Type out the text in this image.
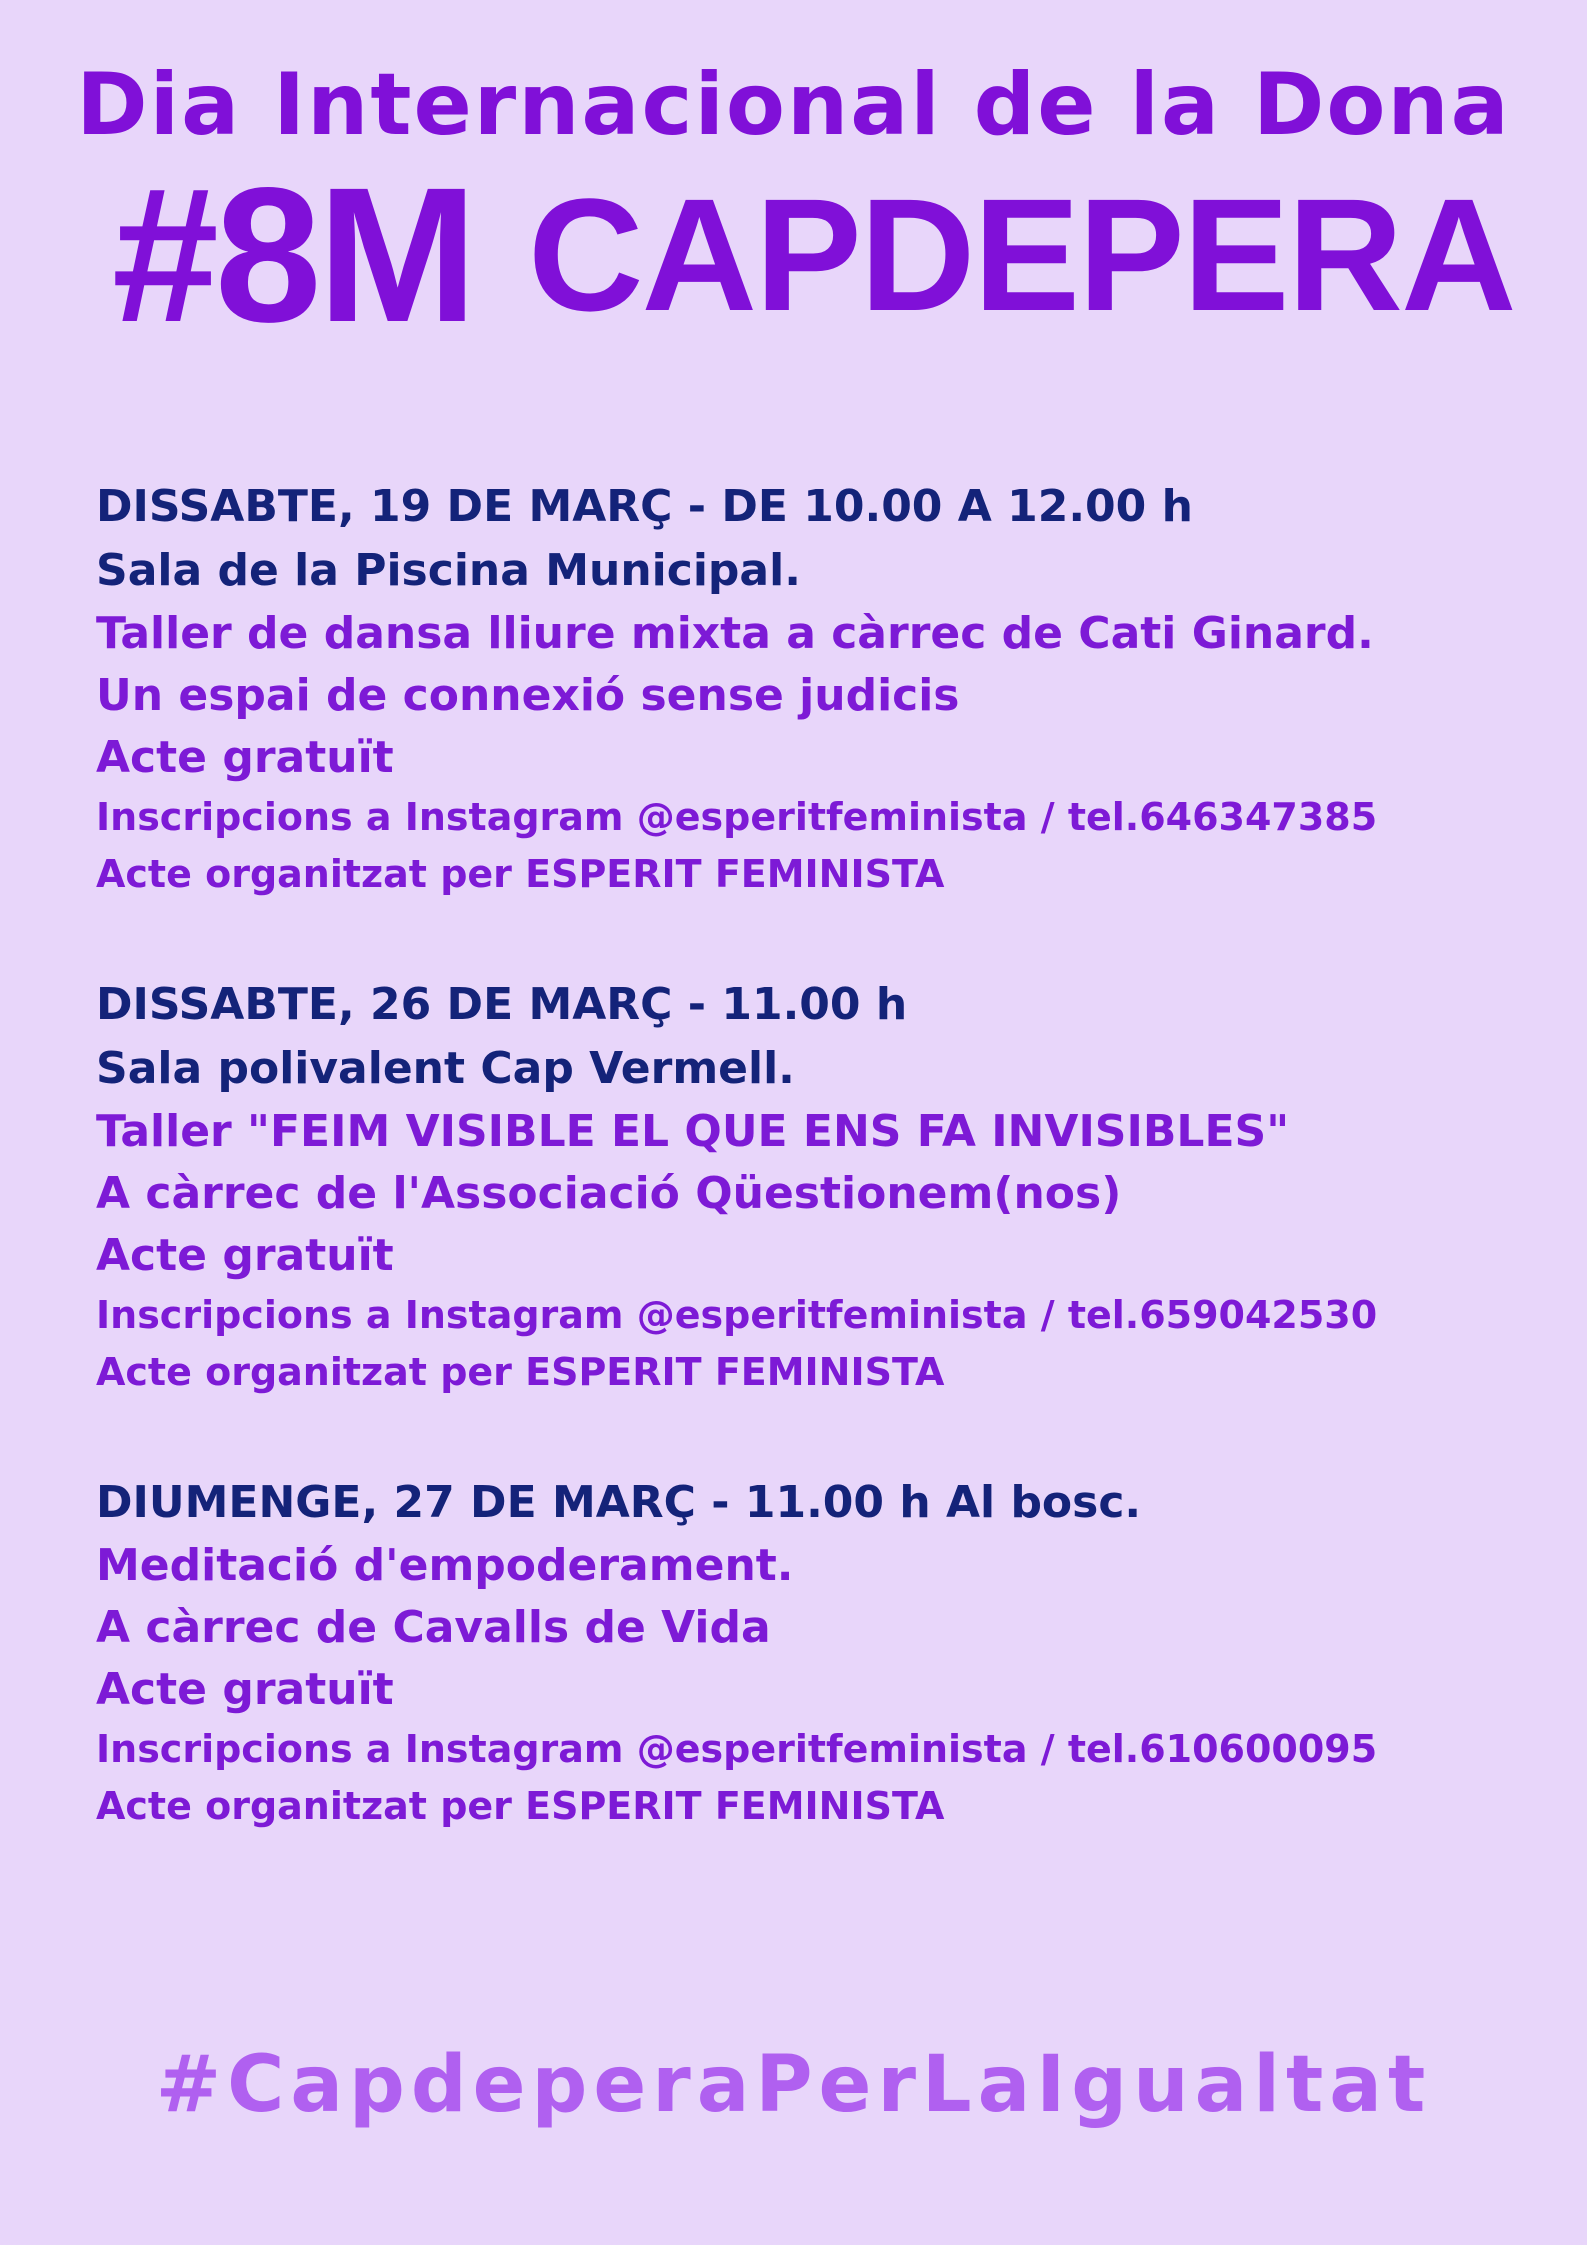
Dia Internacional de la Dona
#8M CAPDEPERA
DISSABTE, 19 DE MARÇ - DE 10.00 A 12.00 h
Sala de la Piscina Municipal.
Taller de dansa lliure mixta a càrrec de Cati Ginard.
Un espai de connexió sense judicis
Acte gratuït
Inscripcions a Instagram @esperitfeminista / tel.646347385
Acte organitzat per ESPERIT FEMINISTA
DISSABTE, 26 DE MARÇ - 11.00 h
Sala polivalent Cap Vermell.
Taller "FEIM VISIBLE EL QUE ENS FA INVISIBLES"
A càrrec de l'Associació Qüestionem(nos)
Acte gratuït
Inscripcions a Instagram @esperitfeminista / tel.659042530
Acte organitzat per ESPERIT FEMINISTA
DIUMENGE, 27 DE MARÇ - 11.00 h Al bosc.
Meditació d'empoderament.
A càrrec de Cavalls de Vida
Acte gratuït
Inscripcions a Instagram @esperitfeminista / tel.610600095
Acte organitzat per ESPERIT FEMINISTA
#CapdeperaPerLaIgualtat
